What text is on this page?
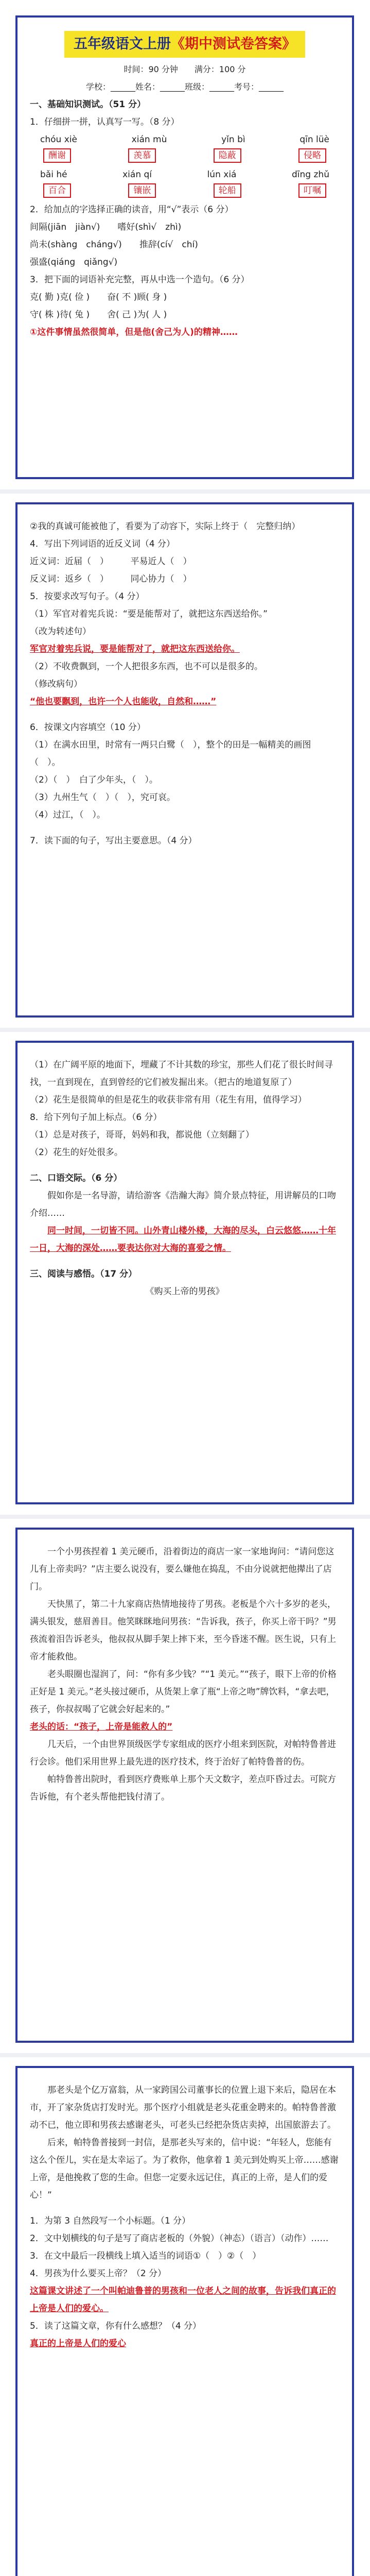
五年级语文上册《期中测试卷答案》

时间：90 分钟　　满分：100 分

学校：______姓名：______班级：______考号：______

一、基础知识测试。（51 分）

1．仔细拼一拼，认真写一写。（8 分）

chóu xiè	xián mù	yǐn bì	qīn lüè
酬谢	羡慕	隐蔽	侵略
bǎi hé	xián qí	lún xiá	dīng zhǔ
百合	镶嵌	轮船	叮嘱

2．给加点的字选择正确的读音，用“√”表示（6 分）

间隔(jiān　jiàn√)　　嗜好(shì√　zhì)

尚未(shàng　cháng√)　　推辞(cí√　chí)

强盛(qiáng　qiǎng√)

3．把下面的词语补充完整，再从中选一个造句。（6 分）

克( 勤 )克( 俭 )　　奋( 不 )顾( 身 )

守( 株 )待( 兔 )　　舍( 己 )为( 人 )

①这件事情虽然很简单，但是他(舍己为人)的精神……

②我的真诚可能被他了，看要为了动容下，实际上终于（　完整归纳）

4．写出下列词语的近反义词（4 分）

近义词：近届（　）　　　平易近人（　）

反义词：返乡（　）　　　同心协力（　）

5．按要求改写句子。（4 分）

（1）军官对着宪兵说：“要是能帮对了，就把这东西送给你。”

（改为转述句）

军官对着宪兵说，要是能帮对了，就把这东西送给你。

（2）不收费飘到，一个人把很多东西，也不可以是很多的。

（修改病句）

“他也要飘到，也许一个人也能收，自然和……”

6．按课文内容填空（10 分）

（1）在满水田里，时常有一两只白鹭（　），整个的田是一幅精美的画图（　）。

（2）（　）　白了少年头，（　）。

（3）九州生气（　）（　），究可哀。

（4）过江，（　）。

7．读下面的句子，写出主要意思。（4 分）

（1）在广阔平原的地面下，埋藏了不计其数的珍宝，那些人们花了很长时间寻找，一直到现在，直到曾经的它们被发掘出来。（把古的地道复原了）

（2）花生是很简单的但是花生的收获非常有用（花生有用，值得学习）

8．给下列句子加上标点。（6 分）

（1）总是对孩子，哥哥，妈妈和我，都说他（立刻翻了）

（2）花生的好处很多。

二、口语交际。（6 分）

假如你是一名导游，请给游客《浩瀚大海》简介景点特征，用讲解员的口吻介绍……

同一时间，一切皆不同。山外青山楼外楼，大海的尽头，白云悠悠……十年一日，大海的深处……要表达你对大海的喜爱之情。

三、阅读与感悟。（17 分）

《购买上帝的男孩》

一个小男孩捏着 1 美元硬币，沿着街边的商店一家一家地询问：“请问您这儿有上帝卖吗？”店主要么说没有，要么嫌他在捣乱，不由分说就把他撵出了店门。

天快黑了，第二十九家商店热情地接待了男孩。老板是个六十多岁的老头，满头银发，慈眉善目。他笑眯眯地问男孩：“告诉我，孩子，你买上帝干吗？”男孩流着泪告诉老头，他叔叔从脚手架上摔下来，至今昏迷不醒。医生说，只有上帝才能救他。

老头眼圈也湿润了，问：“你有多少钱？”“1 美元。”“孩子，眼下上帝的价格正好是 1 美元。”老头接过硬币，从货架上拿了瓶“上帝之吻”牌饮料，“拿去吧，孩子，你叔叔喝了它就会好起来的。”

老头的话：“孩子，上帝是能救人的”

几天后，一个由世界顶级医学专家组成的医疗小组来到医院，对帕特鲁普进行会诊。他们采用世界上最先进的医疗技术，终于治好了帕特鲁普的伤。

帕特鲁普出院时，看到医疗费账单上那个天文数字，差点吓昏过去。可院方告诉他，有个老头帮他把钱付清了。

那老头是个亿万富翁，从一家跨国公司董事长的位置上退下来后，隐居在本市，开了家杂货店打发时光。那个医疗小组就是老头花重金聘来的。帕特鲁普激动不已，他立即和男孩去感谢老头，可老头已经把杂货店卖掉，出国旅游去了。

后来，帕特鲁普接到一封信，是那老头写来的，信中说：“年轻人，您能有这么个侄儿，实在是太幸运了。为了救你，他拿着 1 美元到处购买上帝……感谢上帝，是他挽救了您的生命。但您一定要永远记住，真正的上帝，是人们的爱心！”

1．为第 3 自然段写一个小标题。（1 分）

2．文中划横线的句子是写了商店老板的（外貌）（神态）（语言）（动作）……

3．在文中最后一段横线上填入适当的词语①（　）②（　）

4．男孩为什么要买上帝？（2 分）

这篇课文讲述了一个叫帕迪鲁普的男孩和一位老人之间的故事，告诉我们真正的上帝是人们的爱心。

5．读了这篇文章，你有什么感想？（4 分）

真正的上帝是人们的爱心
